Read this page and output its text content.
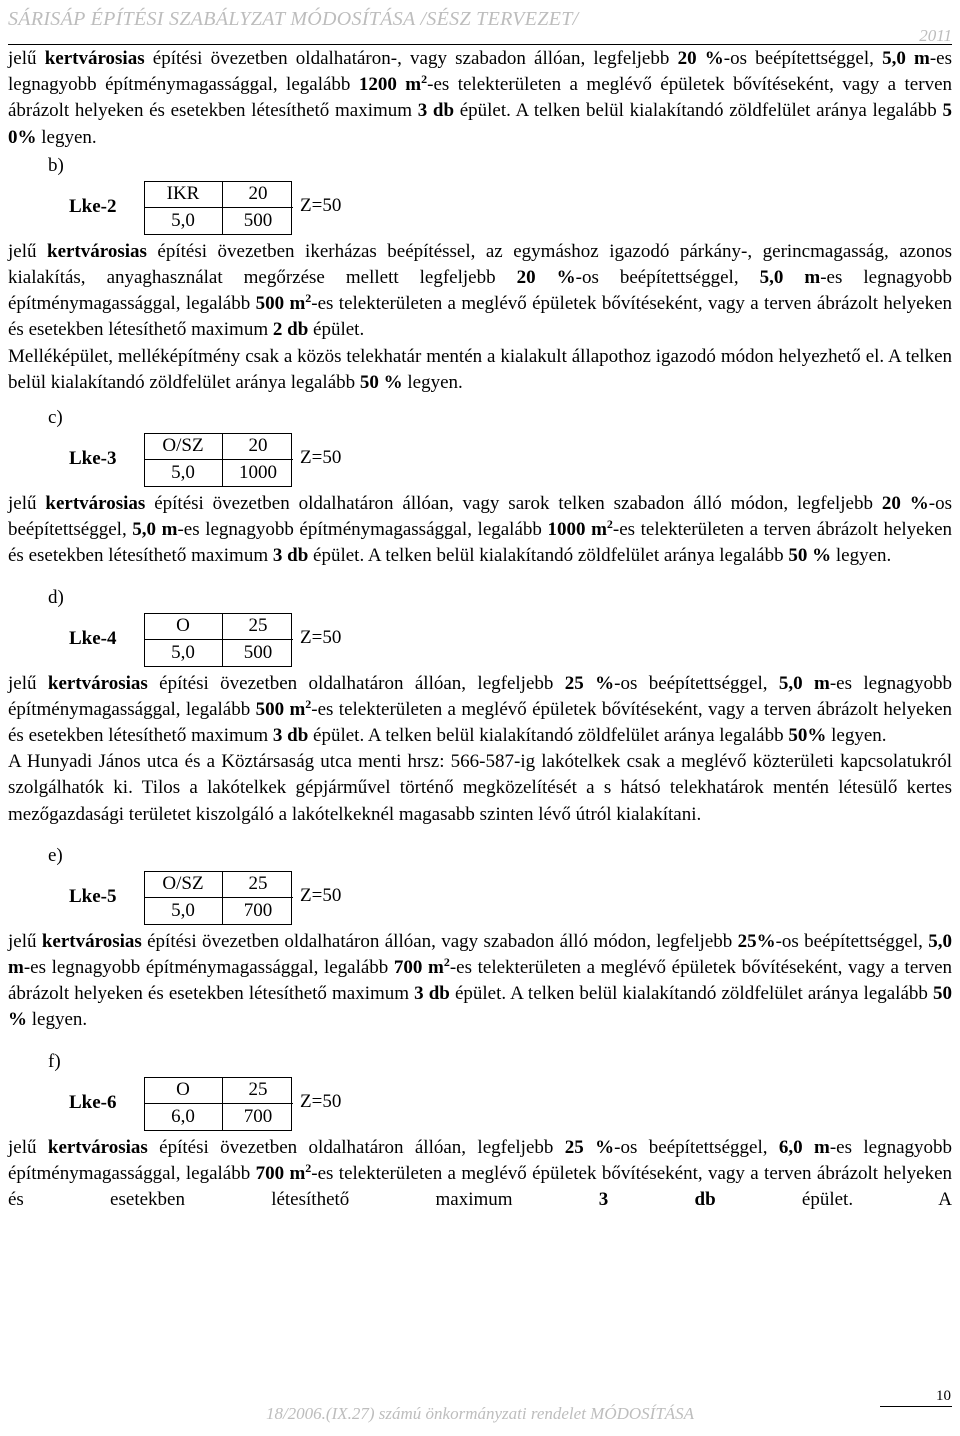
SÁRISÁP ÉPÍTÉSI SZABÁLYZAT MÓDOSÍTÁSA /SÉSZ TERVEZET/
2011

jelű kertvárosias építési övezetben oldalhatáron-, vagy szabadon állóan, legfeljebb 20 %-os beépítettséggel, 5,0 m-es legnagyobb építménymagassággal, legalább 1200 $m^2-es$ telekterületen a meglévő épületek bővítéseként, vagy a terven ábrázolt helyeken és esetekben létesíthető maximum 3 db épület. A telken belül kialakítandó zöldfelület aránya legalább 5 0% legyen.

b)
Lke-2
IKR	20
5,0	500
Z=50

jelű kertvárosias építési övezetben ikerházas beépítéssel, az egymáshoz igazodó párkány-, gerincmagasság, azonos kialakítás, anyaghasználat megőrzése mellett legfeljebb 20 %-os beépítettséggel, 5,0 m-es legnagyobb építménymagassággal, legalább 500 $m^2-es$ telekterületen a meglévő épületek bővítéseként, vagy a terven ábrázolt helyeken és esetekben létesíthető maximum 2 db épület.

Melléképület, melléképítmény csak a közös telekhatár mentén a kialakult állapothoz igazodó módon helyezhető el. A telken belül kialakítandó zöldfelület aránya legalább 50 % legyen.

c)
Lke-3
O/SZ	20
5,0	1000
Z=50

jelű kertvárosias építési övezetben oldalhatáron állóan, vagy sarok telken szabadon álló módon, legfeljebb 20 %-os beépítettséggel, 5,0 m-es legnagyobb építménymagassággal, legalább 1000 $m^2-es$ telekterületen a terven ábrázolt helyeken és esetekben létesíthető maximum 3 db épület. A telken belül kialakítandó zöldfelület aránya legalább 50 % legyen.

d)
Lke-4
O	25
5,0	500
Z=50

jelű kertvárosias építési övezetben oldalhatáron állóan, legfeljebb 25 %-os beépítettséggel, 5,0 m-es legnagyobb építménymagassággal, legalább 500 $m^2-es$ telekterületen a meglévő épületek bővítéseként, vagy a terven ábrázolt helyeken és esetekben létesíthető maximum 3 db épület. A telken belül kialakítandó zöldfelület aránya legalább 50% legyen.

A Hunyadi János utca és a Köztársaság utca menti hrsz: 566-587-ig lakótelkek csak a meglévő közterületi kapcsolatukról szolgálhatók ki. Tilos a lakótelkek gépjárművel történő megközelítését a s hátsó telekhatárok mentén létesülő kertes mezőgazdasági területet kiszolgáló a lakótelkeknél magasabb szinten lévő útról kialakítani.

e)
Lke-5
O/SZ	25
5,0	700
Z=50

jelű kertvárosias építési övezetben oldalhatáron állóan, vagy szabadon álló módon, legfeljebb 25%-os beépítettséggel, 5,0 m-es legnagyobb építménymagassággal, legalább 700 $m^2-es$ telekterületen a meglévő épületek bővítéseként, vagy a terven ábrázolt helyeken és esetekben létesíthető maximum 3 db épület. A telken belül kialakítandó zöldfelület aránya legalább 50 % legyen.

f)
Lke-6
O	25
6,0	700
Z=50

jelű kertvárosias építési övezetben oldalhatáron állóan, legfeljebb 25 %-os beépítettséggel, 6,0 m-es legnagyobb építménymagassággal, legalább 700 $m^2-es$ telekterületen a meglévő épületek bővítéseként, vagy a terven ábrázolt helyeken és esetekben létesíthető maximum 3 db épület. A

10
18/2006.(IX.27) számú önkormányzati rendelet MÓDOSÍTÁSA
